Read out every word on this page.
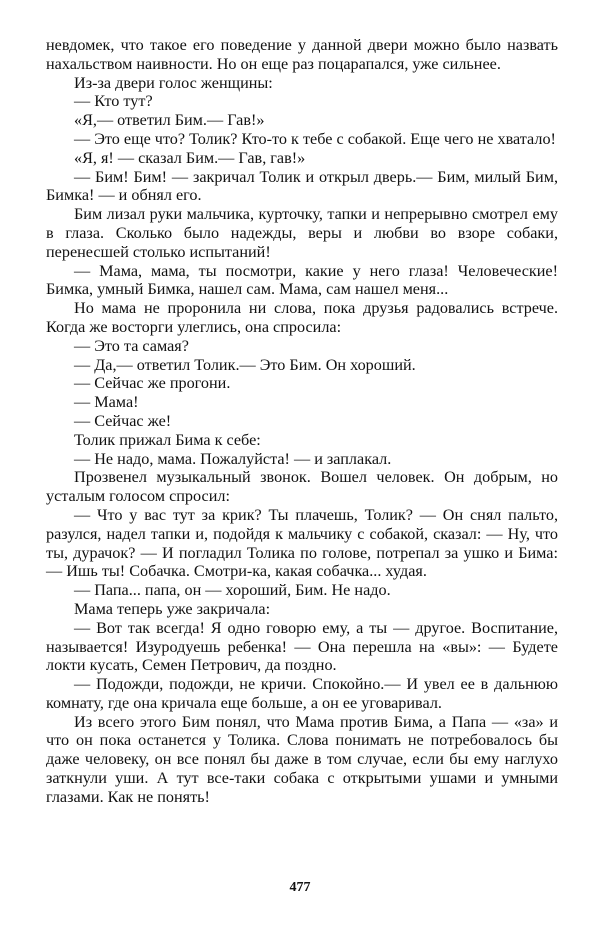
невдомек, что такое его поведение у данной двери можно было назвать нахальством наивности. Но он еще раз поцарапался, уже сильнее.

Из-за двери голос женщины:

— Кто тут?

«Я,— ответил Бим.— Гав!»

— Это еще что? Толик? Кто-то к тебе с собакой. Еще чего не хватало!

«Я, я! — сказал Бим.— Гав, гав!»

— Бим! Бим! — закричал Толик и открыл дверь.— Бим, милый Бим, Бимка! — и обнял его.

Бим лизал руки мальчика, курточку, тапки и непрерывно смотрел ему в глаза. Сколько было надежды, веры и любви во взоре собаки, перенесшей столько испытаний!

— Мама, мама, ты посмотри, какие у него глаза! Человеческие! Бимка, умный Бимка, нашел сам. Мама, сам нашел меня...

Но мама не проронила ни слова, пока друзья радовались встрече. Когда же восторги улеглись, она спросила:

— Это та самая?

— Да,— ответил Толик.— Это Бим. Он хороший.

— Сейчас же прогони.

— Мама!

— Сейчас же!

Толик прижал Бима к себе:

— Не надо, мама. Пожалуйста! — и заплакал.

Прозвенел музыкальный звонок. Вошел человек. Он добрым, но усталым голосом спросил:

— Что у вас тут за крик? Ты плачешь, Толик? — Он снял пальто, разулся, надел тапки и, подойдя к мальчику с собакой, сказал: — Ну, что ты, дурачок? — И погладил Толика по голове, потрепал за ушко и Бима: — Ишь ты! Собачка. Смотри-ка, какая собачка... худая.

— Папа... папа, он — хороший, Бим. Не надо.

Мама теперь уже закричала:

— Вот так всегда! Я одно говорю ему, а ты — другое. Воспитание, называется! Изуродуешь ребенка! — Она перешла на «вы»: — Будете локти кусать, Семен Петрович, да поздно.

— Подожди, подожди, не кричи. Спокойно.— И увел ее в дальнюю комнату, где она кричала еще больше, а он ее уговаривал.

Из всего этого Бим понял, что Мама против Бима, а Папа — «за» и что он пока останется у Толика. Слова понимать не потребовалось бы даже человеку, он все понял бы даже в том случае, если бы ему наглухо заткнули уши. А тут все-таки собака с открытыми ушами и умными глазами. Как не понять!

477
